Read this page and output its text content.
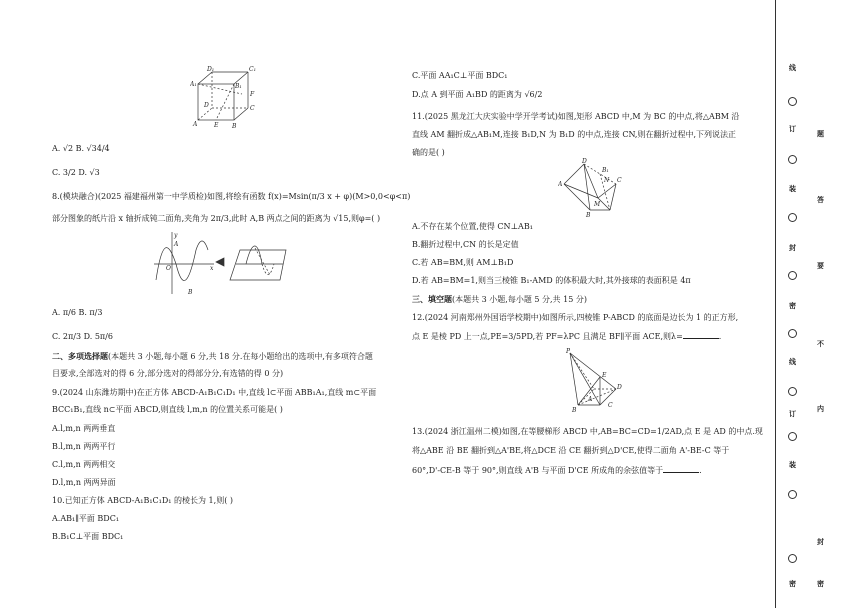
D₁	C₁
A₁	B₁
D	C
F
A	E B
A. √2 B. √34/4
C. 3/2 D. √3
8.(模块融合)(2025 福建福州第一中学质检)如图,将绘有函数 f(x)=Msin(π/3 x + φ)(M>0,0<φ<π)
部分图象的纸片沿 x 轴折成钝二面角,夹角为 2π/3,此时 A,B 两点之间的距离为 √15,则φ=( )
y
O
A
B
x
A. π/6 B. π/3
C. 2π/3 D. 5π/6
二、多项选择题(本题共 3 小题,每小题 6 分,共 18 分.在每小题给出的选项中,有多项符合题
目要求,全部选对的得 6 分,部分选对的得部分分,有选错的得 0 分)
9.(2024 山东潍坊期中)在正方体 ABCD-A₁B₁C₁D₁ 中,直线 l⊂平面 ABB₁A₁,直线 m⊂平面
BCC₁B₁,直线 n⊂平面 ABCD,则直线 l,m,n 的位置关系可能是( )
A.l,m,n 两两垂直
B.l,m,n 两两平行
C.l,m,n 两两相交
D.l,m,n 两两异面
10.已知正方体 ABCD-A₁B₁C₁D₁ 的棱长为 1,则( )
A.AB₁∥平面 BDC₁
B.B₁C⊥平面 BDC₁
C.平面 AA₁C⊥平面 BDC₁
D.点 A 到平面 A₁BD 的距离为 √6/2
11.(2025 黑龙江大庆实验中学开学考试)如图,矩形 ABCD 中,M 为 BC 的中点,将△ABM 沿
直线 AM 翻折成△AB₁M,连接 B₁D,N 为 B₁D 的中点,连接 CN,则在翻折过程中,下列说法正
确的是( )
D
B₁
N C
A
M
B
A.不存在某个位置,使得 CN⊥AB₁
B.翻折过程中,CN 的长是定值
C.若 AB=BM,则 AM⊥B₁D
D.若 AB=BM=1,则当三棱锥 B₁-AMD 的体积最大时,其外接球的表面积是 4π
三、填空题(本题共 3 小题,每小题 5 分,共 15 分)
12.(2024 河南郑州外国语学校期中)如图所示,四棱锥 P-ABCD 的底面是边长为 1 的正方形,
点 E 是棱 PD 上一点,PE=3/5PD,若 PF=λPC 且满足 BF∥平面 ACE,则λ=	.
P
E
D
C
A
B
13.(2024 浙江温州二模)如图,在等腰梯形 ABCD 中,AB=BC=CD=1/2AD,点 E 是 AD 的中点.现
将△ABE 沿 BE 翻折到△A'BE,将△DCE 沿 CE 翻折到△D'CE,使得二面角 A'-BE-C 等于
60°,D'-CE-B 等于 90°,则直线 A'B 与平面 D'CE 所成角的余弦值等于	.
线
题
订
答
装
要
封
不
密
内
线
订
封
装
密	密
